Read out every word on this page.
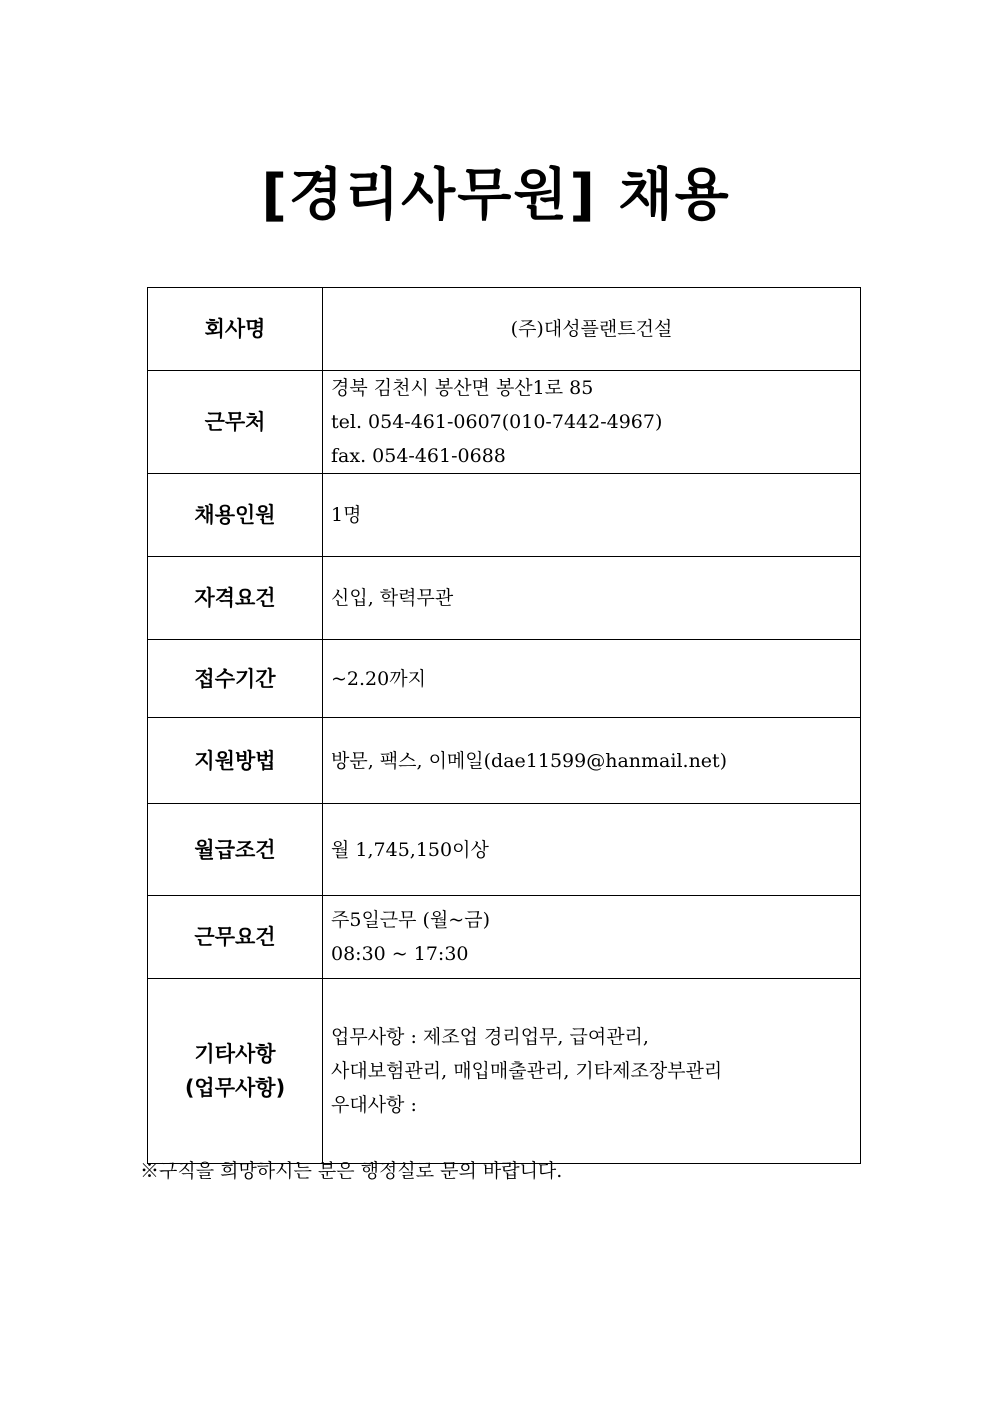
[경리사무원] 채용
회사명	(주)대성플랜트건설

근무처	경북 김천시 봉산면 봉산1로 85
tel. 054-461-0607(010-7442-4967)
fax. 054-461-0688

채용인원	1명

자격요건	신입, 학력무관

접수기간	~2.20까지

지원방법	방문, 팩스, 이메일(dae11599@hanmail.net)

월급조건	월 1,745,150이상

근무요건	주5일근무 (월~금)
08:30 ~ 17:30

기타사항
(업무사항)	업무사항 : 제조업 경리업무, 급여관리,
사대보험관리, 매입매출관리, 기타제조장부관리
우대사항 :
※구직을 희망하시는 분은 행정실로 문의 바랍니다.
